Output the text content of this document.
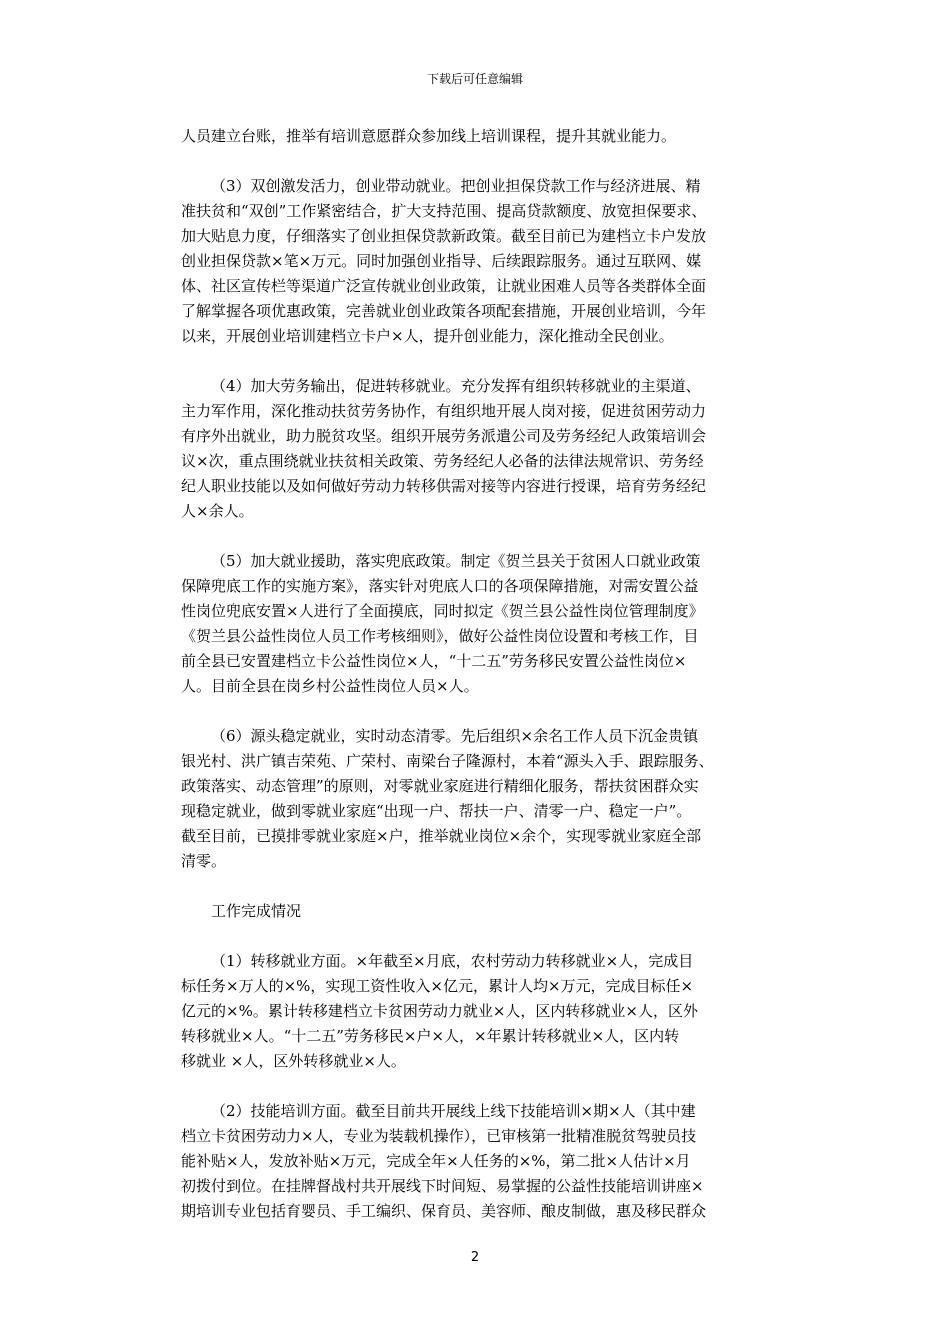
下载后可任意编辑
人员建立台账，推举有培训意愿群众参加线上培训课程，提升其就业能力。
（3）双创激发活力，创业带动就业。把创业担保贷款工作与经济进展、精
准扶贫和“双创”工作紧密结合，扩大支持范围、提高贷款额度、放宽担保要求、
加大贴息力度，仔细落实了创业担保贷款新政策。截至目前已为建档立卡户发放
创业担保贷款×笔×万元。同时加强创业指导、后续跟踪服务。通过互联网、媒
体、社区宣传栏等渠道广泛宣传就业创业政策，让就业困难人员等各类群体全面
了解掌握各项优惠政策，完善就业创业政策各项配套措施，开展创业培训，今年
以来，开展创业培训建档立卡户×人，提升创业能力，深化推动全民创业。
（4）加大劳务输出，促进转移就业。充分发挥有组织转移就业的主渠道、
主力军作用，深化推动扶贫劳务协作，有组织地开展人岗对接，促进贫困劳动力
有序外出就业，助力脱贫攻坚。组织开展劳务派遣公司及劳务经纪人政策培训会
议×次，重点围绕就业扶贫相关政策、劳务经纪人必备的法律法规常识、劳务经
纪人职业技能以及如何做好劳动力转移供需对接等内容进行授课，培育劳务经纪
人×余人。
（5）加大就业援助，落实兜底政策。制定《贺兰县关于贫困人口就业政策
保障兜底工作的实施方案》，落实针对兜底人口的各项保障措施，对需安置公益
性岗位兜底安置×人进行了全面摸底，同时拟定《贺兰县公益性岗位管理制度》
《贺兰县公益性岗位人员工作考核细则》，做好公益性岗位设置和考核工作，目
前全县已安置建档立卡公益性岗位×人，“十二五”劳务移民安置公益性岗位×
人。目前全县在岗乡村公益性岗位人员×人。
（6）源头稳定就业，实时动态清零。先后组织×余名工作人员下沉金贵镇
银光村、洪广镇吉荣苑、广荣村、南梁台子隆源村，本着“源头入手、跟踪服务、
政策落实、动态管理”的原则，对零就业家庭进行精细化服务，帮扶贫困群众实
现稳定就业，做到零就业家庭“出现一户、帮扶一户、清零一户、稳定一户”。
截至目前，已摸排零就业家庭×户，推举就业岗位×余个，实现零就业家庭全部
清零。
工作完成情况
（1）转移就业方面。×年截至×月底，农村劳动力转移就业×人，完成目
标任务×万人的×%，实现工资性收入×亿元，累计人均×万元，完成目标任×
亿元的×%。累计转移建档立卡贫困劳动力就业×人，区内转移就业×人，区外
转移就业×人。“十二五”劳务移民×户×人，×年累计转移就业×人，区内转
移就业 ×人，区外转移就业×人。
（2）技能培训方面。截至目前共开展线上线下技能培训×期×人（其中建
档立卡贫困劳动力×人，专业为装载机操作），已审核第一批精准脱贫驾驶员技
能补贴×人，发放补贴×万元，完成全年×人任务的×%，第二批×人估计×月
初拨付到位。在挂牌督战村共开展线下时间短、易掌握的公益性技能培训讲座×
期培训专业包括育婴员、手工编织、保育员、美容师、酿皮制做，惠及移民群众
2
